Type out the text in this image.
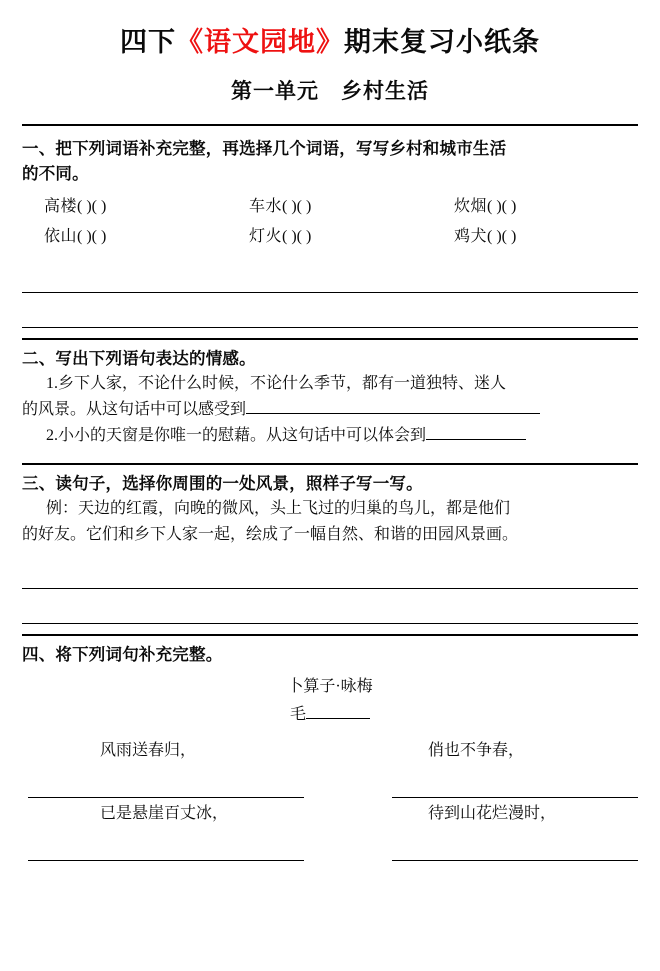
四下《语文园地》期末复习小纸条
第一单元　乡村生活
一、把下列词语补充完整，再选择几个词语，写写乡村和城市生活
的不同。
高楼( )( )	车水( )( )	炊烟( )( )
依山( )( )	灯火( )( )	鸡犬( )( )
二、写出下列语句表达的情感。
1.乡下人家，不论什么时候，不论什么季节，都有一道独特、迷人
的风景。从这句话中可以感受到
2.小小的天窗是你唯一的慰藉。从这句话中可以体会到
三、读句子，选择你周围的一处风景，照样子写一写。
例：天边的红霞，向晚的微风，头上飞过的归巢的鸟儿，都是他们
的好友。它们和乡下人家一起，绘成了一幅自然、和谐的田园风景画。
四、将下列词句补充完整。
卜算子·咏梅
毛
风雨送春归，	俏也不争春，
已是悬崖百丈冰，	待到山花烂漫时，
